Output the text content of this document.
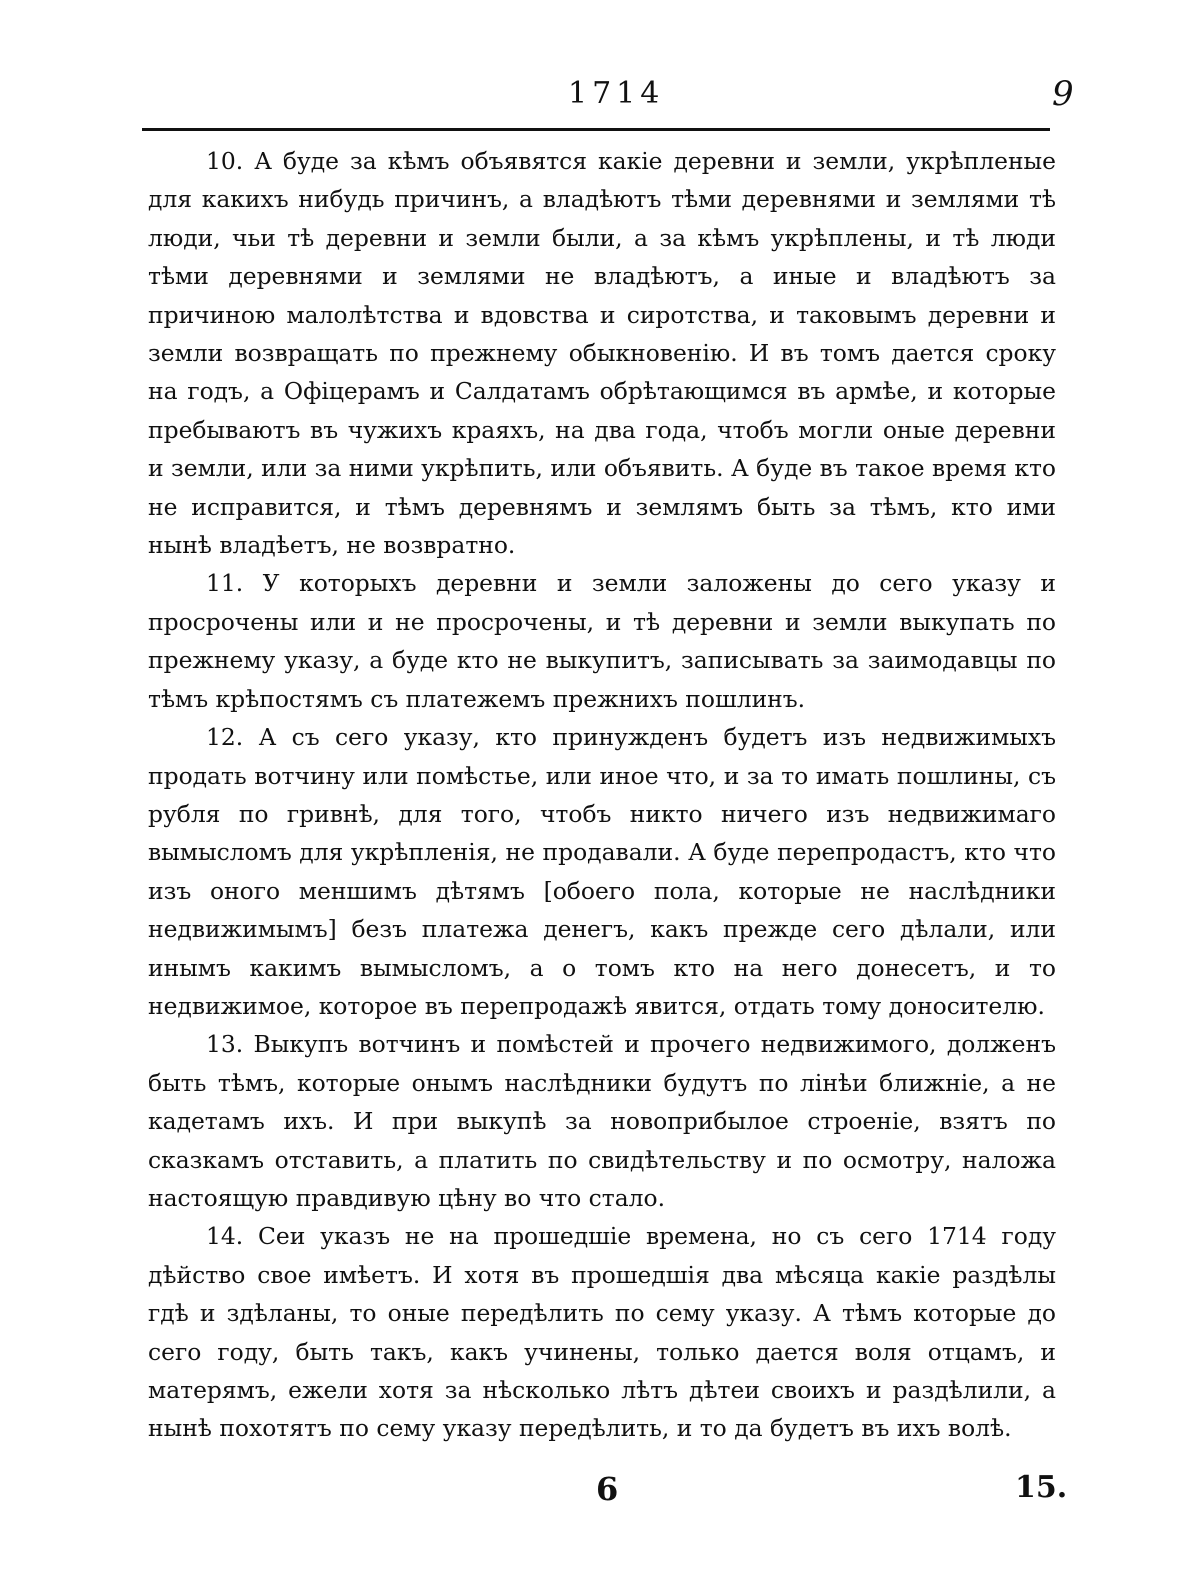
1714	9

10. А буде за кѣмъ объявятся какіе деревни и земли, укрѣпленые для какихъ нибудь причинъ, а владѣютъ тѣми деревнями и землями тѣ люди, чьи тѣ деревни и земли были, а за кѣмъ укрѣплены, и тѣ люди тѣми деревнями и землями не владѣютъ, а иные и владѣютъ за причиною малолѣтства и вдовства и сиротства, и таковымъ деревни и земли возвращать по прежнему обыкновенію. И въ томъ дается сроку на годъ, а Офіцерамъ и Салдатамъ обрѣтающимся въ армѣе, и которые пребываютъ въ чужихъ краяхъ, на два года, чтобъ могли оные деревни и земли, или за ними укрѣпить, или объявить. А буде въ такое время кто не исправится, и тѣмъ деревнямъ и землямъ быть за тѣмъ, кто ими нынѣ владѣетъ, не возвратно.

11. У которыхъ деревни и земли заложены до сего указу и просрочены или и не просрочены, и тѣ деревни и земли выкупать по прежнему указу, а буде кто не выкупитъ, записывать за заимодавцы по тѣмъ крѣпостямъ съ платежемъ прежнихъ пошлинъ.

12. А съ сего указу, кто принужденъ будетъ изъ недвижимыхъ продать вотчину или помѣстье, или иное что, и за то имать пошлины, съ рубля по гривнѣ, для того, чтобъ никто ничего изъ недвижимаго вымысломъ для укрѣпленія, не продавали. А буде перепродастъ, кто что изъ оного меншимъ дѣтямъ [обоего пола, которые не наслѣдники недвижимымъ] безъ платежа денегъ, какъ прежде сего дѣлали, или инымъ какимъ вымысломъ, а о томъ кто на него донесетъ, и то недвижимое, которое въ перепродажѣ явится, отдать тому доносителю.

13. Выкупъ вотчинъ и помѣстей и прочего недвижимого, долженъ быть тѣмъ, которые онымъ наслѣдники будутъ по лінѣи ближніе, а не кадетамъ ихъ. И при выкупѣ за новоприбылое строеніе, взятъ по сказкамъ отставить, а платить по свидѣтельству и по осмотру, наложа настоящую правдивую цѣну во что стало.

14. Сеи указъ не на прошедшіе времена, но съ сего 1714 году дѣйство свое имѣетъ. И хотя въ прошедшія два мѣсяца какіе раздѣлы гдѣ и здѣланы, то оные передѣлить по сему указу. А тѣмъ которые до сего году, быть такъ, какъ учинены, только дается воля отцамъ, и матерямъ, ежели хотя за нѣсколько лѣтъ дѣтеи своихъ и раздѣлили, а нынѣ похотятъ по сему указу передѣлить, и то да будетъ въ ихъ волѣ.

6	15.
